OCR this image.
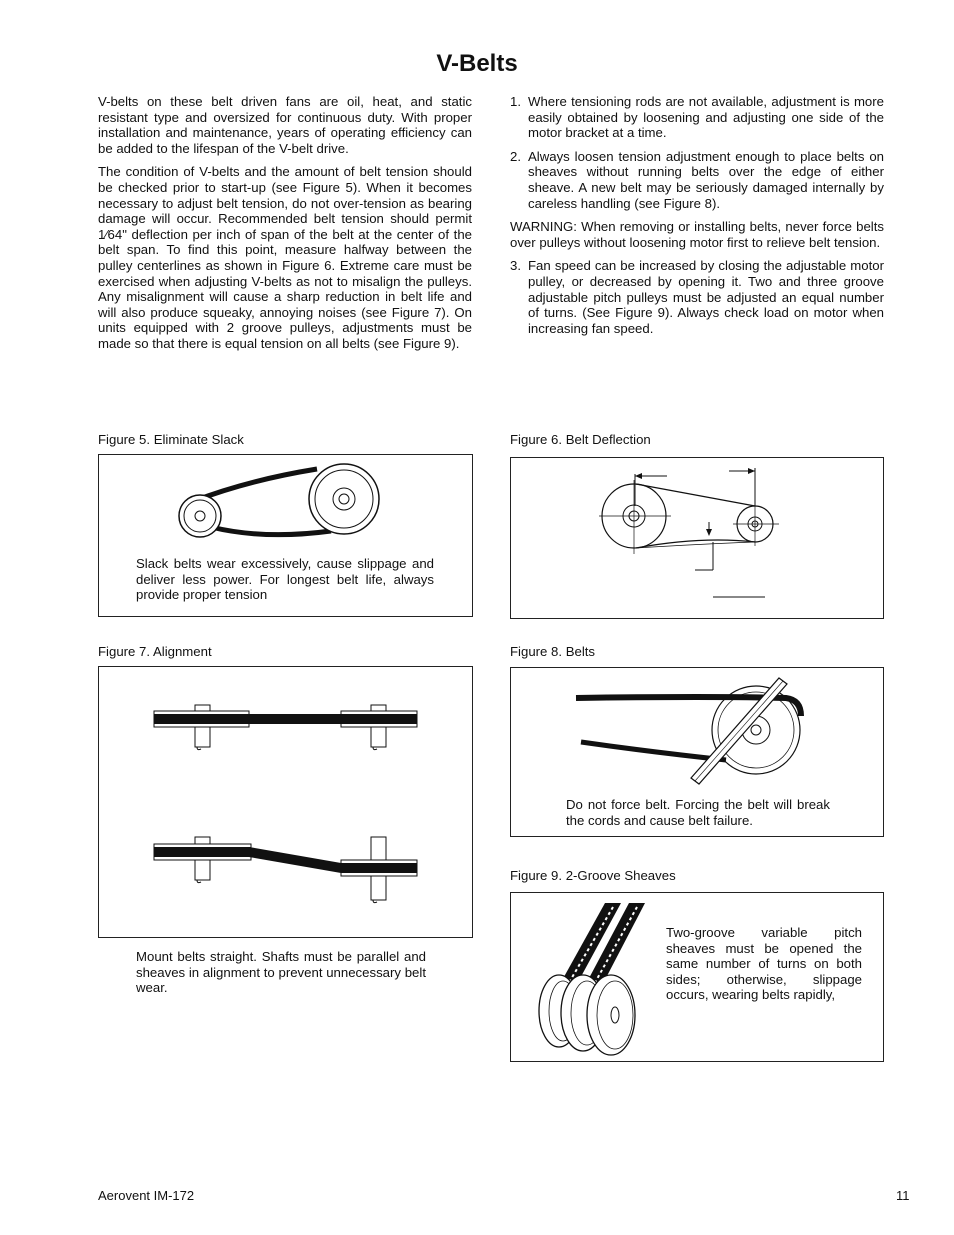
V-Belts

V-belts on these belt driven fans are oil, heat, and static resistant type and oversized for continuous duty. With proper installation and maintenance, years of operating efficiency can be added to the lifespan of the V-belt drive.

The condition of V-belts and the amount of belt tension should be checked prior to start-up (see Figure 5). When it becomes necessary to adjust belt tension, do not over-tension as bearing damage will occur. Recommended belt tension should permit 1⁄64" deflection per inch of span of the belt at the center of the belt span. To find this point, measure halfway between the pulley centerlines as shown in Figure 6. Extreme care must be exercised when adjusting V-belts as not to misalign the pulleys. Any misalignment will cause a sharp reduction in belt life and will also produce squeaky, annoying noises (see Figure 7). On units equipped with 2 groove pulleys, adjustments must be made so that there is equal tension on all belts (see Figure 9).

1. Where tensioning rods are not available, adjustment is more easily obtained by loosening and adjusting one side of the motor bracket at a time.
2. Always loosen tension adjustment enough to place belts on sheaves without running belts over the edge of either sheave. A new belt may be seriously damaged internally by careless handling (see Figure 8).

WARNING: When removing or installing belts, never force belts over pulleys without loosening motor first to relieve belt tension.

3. Fan speed can be increased by closing the adjustable motor pulley, or decreased by opening it. Two and three groove adjustable pitch pulleys must be adjusted an equal number of turns. (See Figure 9). Always check load on motor when increasing fan speed.
Figure 5. Eliminate Slack
Slack belts wear excessively, cause slippage and deliver less power. For longest belt life, always provide proper tension
Figure 6. Belt Deflection
Figure 7. Alignment
Mount belts straight. Shafts must be parallel and sheaves in alignment to prevent unnecessary belt wear.
Figure 8. Belts
Do not force belt. Forcing the belt will break the cords and cause belt failure.
Figure 9. 2-Groove Sheaves
Two-groove variable pitch sheaves must be opened the same number of turns on both sides; otherwise, slippage occurs, wearing belts rapidly,
Aerovent IM-172	11
